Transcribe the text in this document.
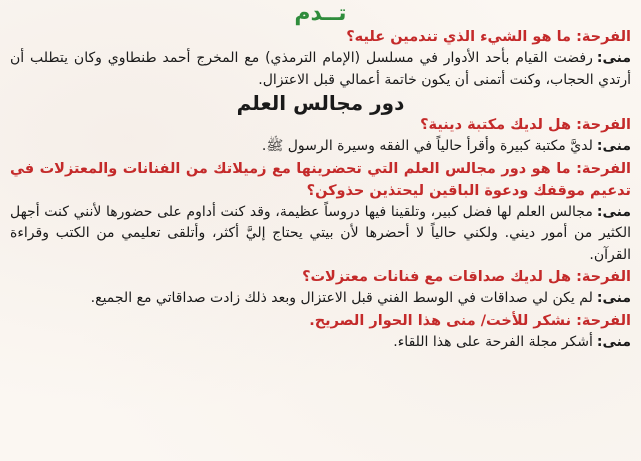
تــدم

الفرحة: ما هو الشيء الذي تندمين عليه؟

منى:رفضت القيام بأحد الأدوار في مسلسل (الإمام الترمذي) مع المخرج أحمد طنطاوي وكان يتطلب أن أرتدي الحجاب، وكنت أتمنى أن يكون خاتمة أعمالي قبل الاعتزال.

دور مجالس العلم

الفرحة: هل لديك مكتبة دينية؟

منى:لديَّ مكتبة كبيرة وأقرأ حالياً في الفقه وسيرة الرسول ﷺ.

الفرحة: ما هو دور مجالس العلم التي تحضرينها مع زميلاتك من الفنانات والمعتزلات في تدعيم موقفك ودعوة الباقين ليحتذين حذوكن؟

منى:مجالس العلم لها فضل كبير، وتلقينا فيها دروساً عظيمة، وقد كنت أداوم على حضورها لأنني كنت أجهل الكثير من أمور ديني. ولكني حالياً لا أحضرها لأن بيتي يحتاج إليَّ أكثر، وأتلقى تعليمي من الكتب وقراءة القرآن.

الفرحة: هل لديك صداقات مع فنانات معتزلات؟

منى:لم يكن لي صداقات في الوسط الفني قبل الاعتزال وبعد ذلك زادت صداقاتي مع الجميع.

الفرحة: نشكر للأخت/ منى هذا الحوار الصريح.

منى:أشكر مجلة الفرحة على هذا اللقاء.
